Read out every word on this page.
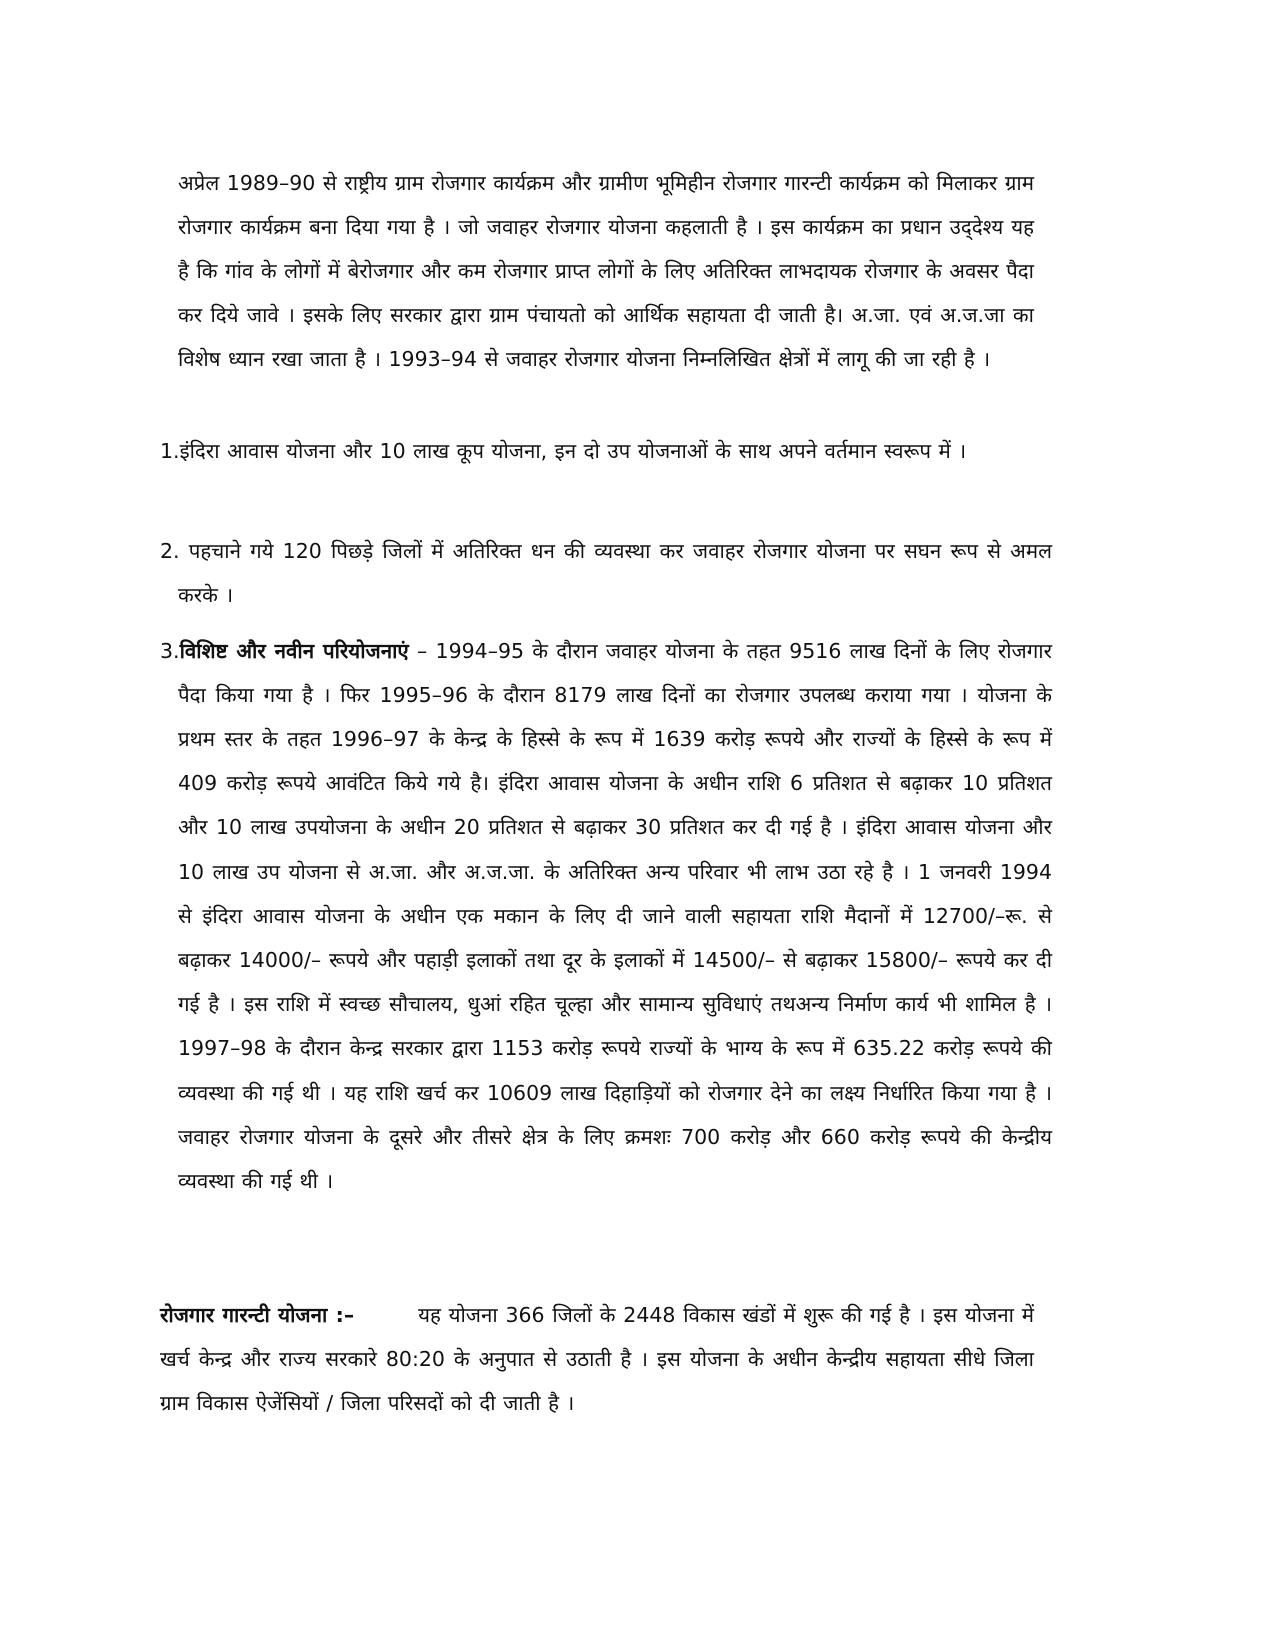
अप्रेल 1989–90 से राष्ट्रीय ग्राम रोजगार कार्यक्रम और ग्रामीण भूमिहीन रोजगार गारन्टी कार्यक्रम को मिलाकर ग्राम रोजगार कार्यक्रम बना दिया गया है । जो जवाहर रोजगार योजना कहलाती है । इस कार्यक्रम का प्रधान उद्‌देश्य यह है कि गांव के लोगों में बेरोजगार और कम रोजगार प्राप्त लोगों के लिए अतिरिक्त लाभदायक रोजगार के अवसर पैदा कर दिये जावे । इसके लिए सरकार द्वारा ग्राम पंचायतो को आर्थिक सहायता दी जाती है। अ.जा. एवं अ.ज.जा का विशेष ध्यान रखा जाता है । 1993–94 से जवाहर रोजगार योजना निम्नलिखित क्षेत्रों में लागू की जा रही है ।

1.इंदिरा आवास योजना और 10 लाख कूप योजना, इन दो उप योजनाओं के साथ अपने वर्तमान स्वरूप में ।

2. पहचाने गये 120 पिछड़े जिलों में अतिरिक्त धन की व्यवस्था कर जवाहर रोजगार योजना पर सघन रूप से अमल करके ।

3.विशिष्ट और नवीन परियोजनाएं – 1994–95 के दौरान जवाहर योजना के तहत 9516 लाख दिनों के लिए रोजगार पैदा किया गया है । फिर 1995–96 के दौरान 8179 लाख दिनों का रोजगार उपलब्ध कराया गया । योजना के प्रथम स्तर के तहत 1996–97 के केन्द्र के हिस्से के रूप में 1639 करोड़ रूपये और राज्यों के हिस्से के रूप में 409 करोड़ रूपये आवंटित किये गये है। इंदिरा आवास योजना के अधीन राशि 6 प्रतिशत से बढ़ाकर 10 प्रतिशत और 10 लाख उपयोजना के अधीन 20 प्रतिशत से बढ़ाकर 30 प्रतिशत कर दी गई है । इंदिरा आवास योजना और 10 लाख उप योजना से अ.जा. और अ.ज.जा. के अतिरिक्त अन्य परिवार भी लाभ उठा रहे है । 1 जनवरी 1994 से इंदिरा आवास योजना के अधीन एक मकान के लिए दी जाने वाली सहायता राशि मैदानों में 12700/–रू. से बढ़ाकर 14000/– रूपये और पहाड़ी इलाकों तथा दूर के इलाकों में 14500/– से बढ़ाकर 15800/– रूपये कर दी गई है । इस राशि में स्वच्छ सौचालय, धुआं रहित चूल्हा और सामान्य सुविधाएं तथअन्य निर्माण कार्य भी शामिल है । 1997–98 के दौरान केन्द्र सरकार द्वारा 1153 करोड़ रूपये राज्यों के भाग्य के रूप में 635.22 करोड़ रूपये की व्यवस्था की गई थी । यह राशि खर्च कर 10609 लाख दिहाड़ियों को रोजगार देने का लक्ष्य निर्धारित किया गया है । जवाहर रोजगार योजना के दूसरे और तीसरे क्षेत्र के लिए क्रमशः 700 करोड़ और 660 करोड़ रूपये की केन्द्रीय व्यवस्था की गई थी ।

रोजगार गारन्टी योजना :–	यह योजना 366 जिलों के 2448 विकास खंडों में शुरू की गई है । इस योजना में खर्च केन्द्र और राज्य सरकारे 80:20 के अनुपात से उठाती है । इस योजना के अधीन केन्द्रीय सहायता सीधे जिला ग्राम विकास ऐजेंसियों / जिला परिसदों को दी जाती है ।
